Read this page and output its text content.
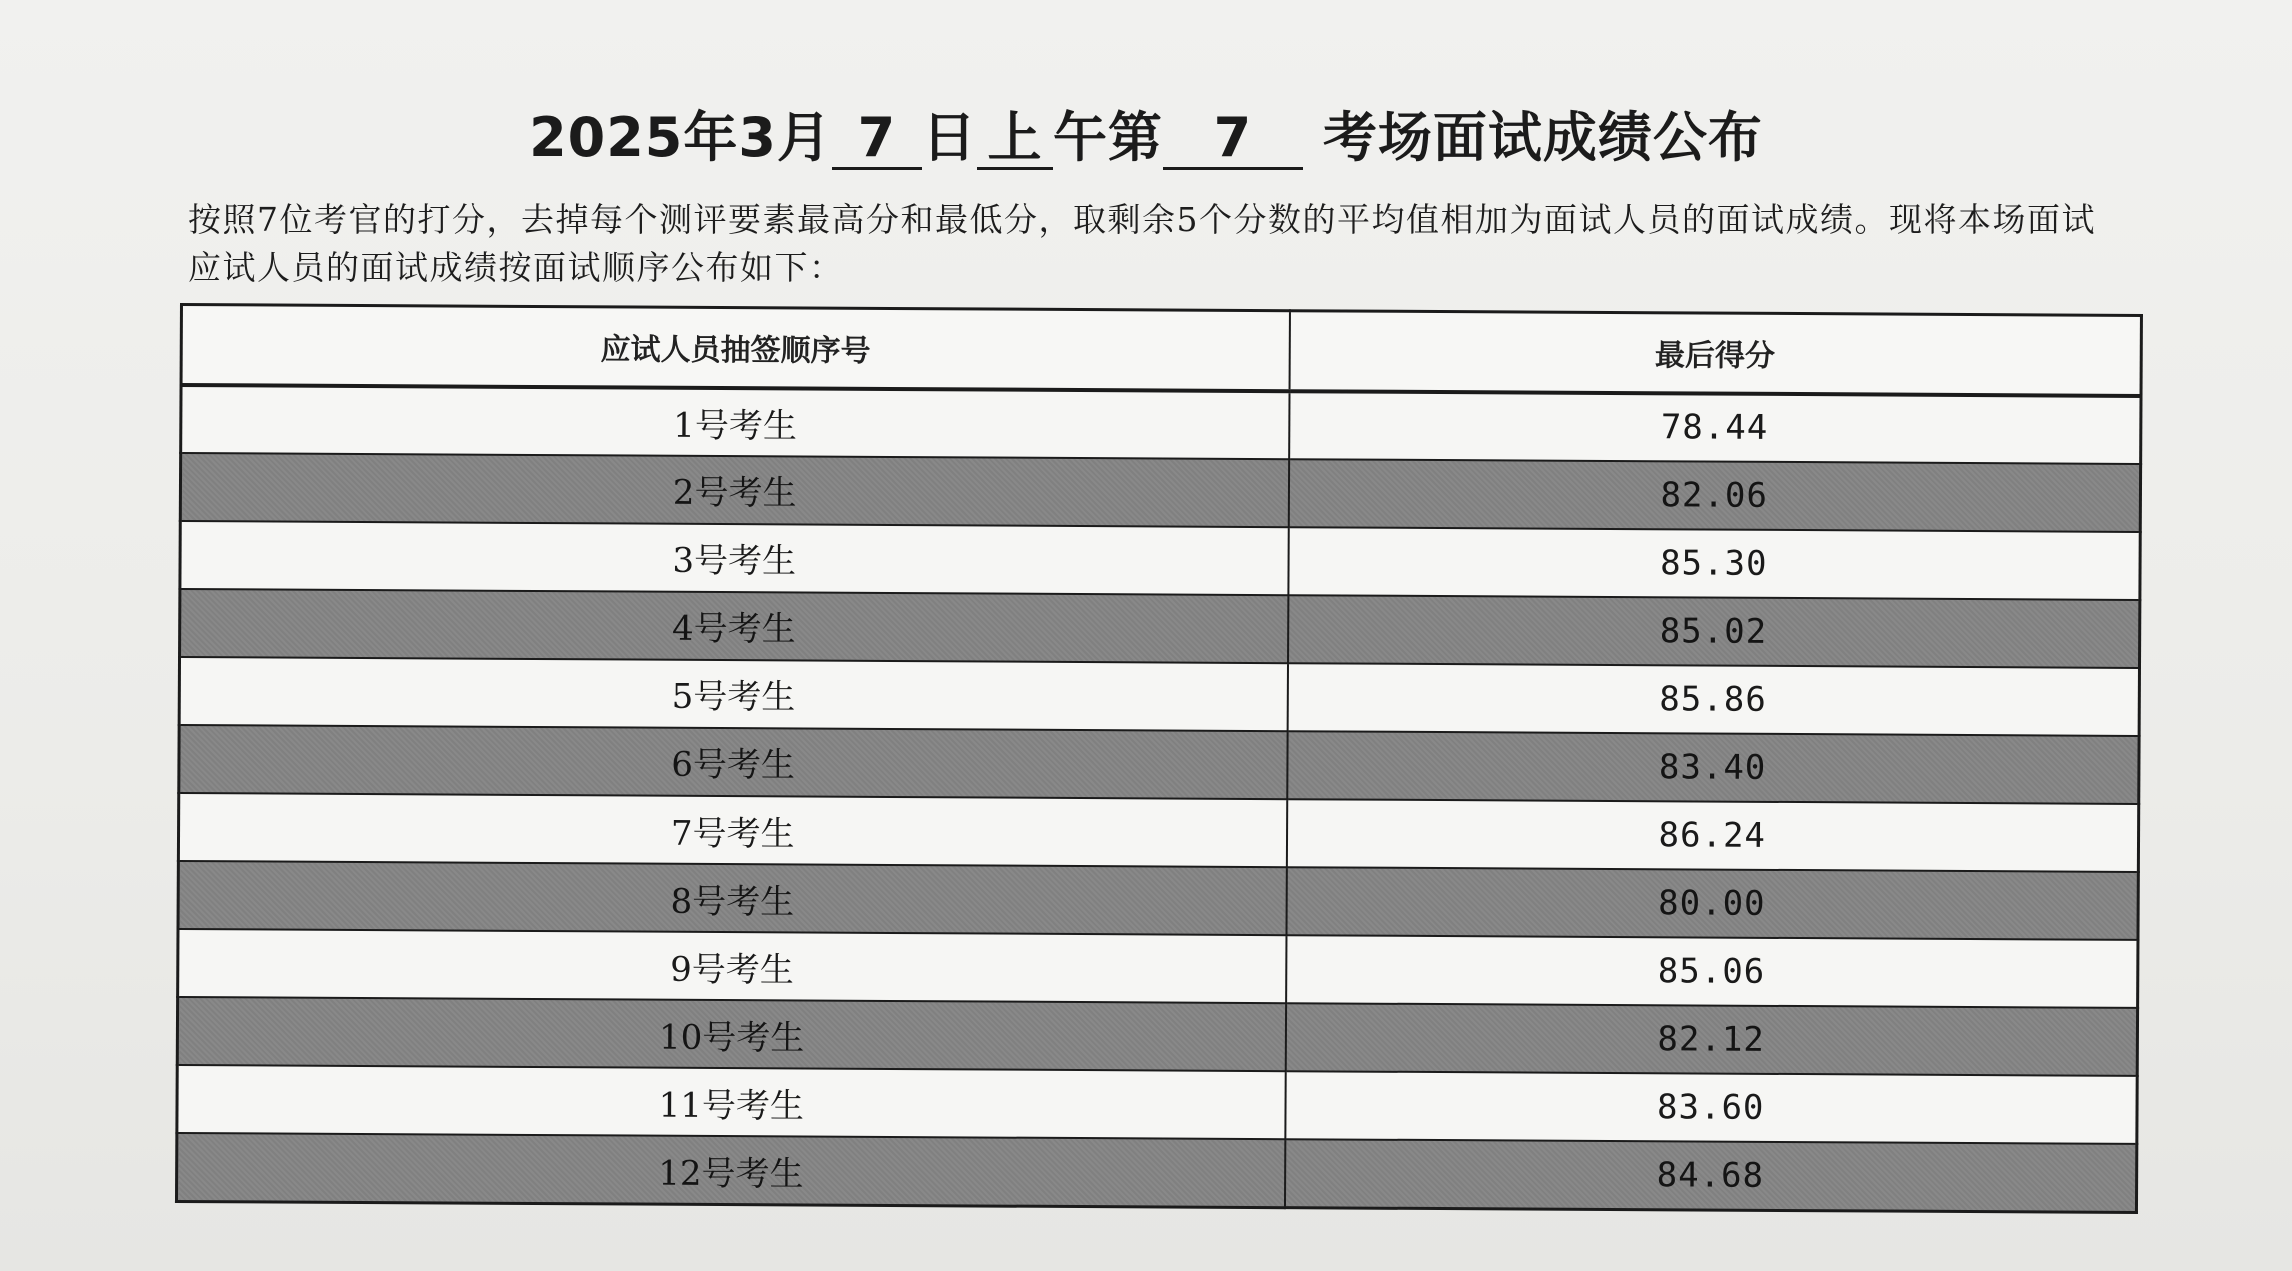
2025年3月 7 日 上 午第 7 考场面试成绩公布
按照7位考官的打分，去掉每个测评要素最高分和最低分，取剩余5个分数的平均值相加为面试人员的面试成绩。现将本场面试应试人员的面试成绩按面试顺序公布如下：
应试人员抽签顺序号	最后得分
1号考生	78.44
2号考生	82.06
3号考生	85.30
4号考生	85.02
5号考生	85.86
6号考生	83.40
7号考生	86.24
8号考生	80.00
9号考生	85.06
10号考生	82.12
11号考生	83.60
12号考生	84.68
